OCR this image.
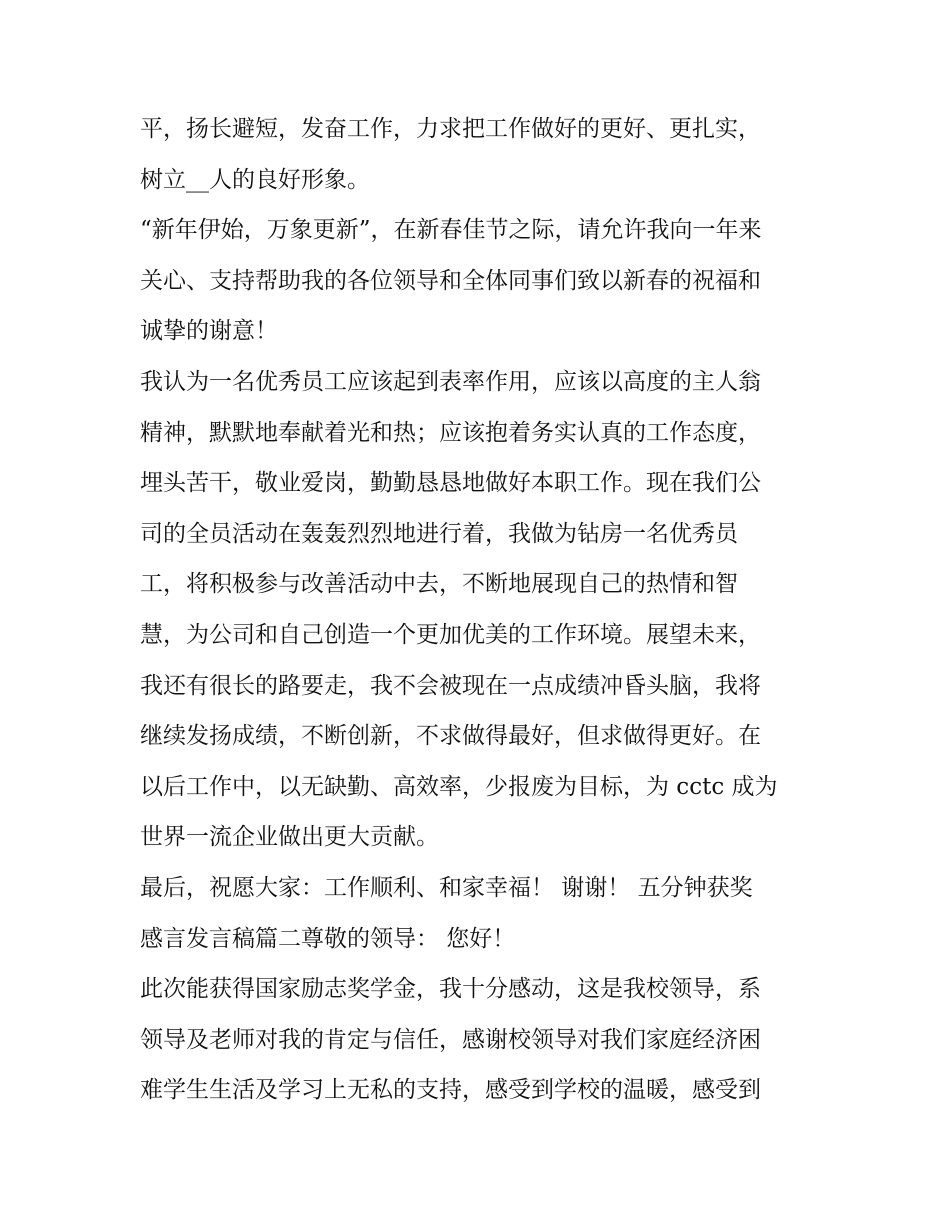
平，扬长避短，发奋工作，力求把工作做好的更好、更扎实，
树立__人的良好形象。
“新年伊始，万象更新”，在新春佳节之际，请允许我向一年来
关心、支持帮助我的各位领导和全体同事们致以新春的祝福和
诚挚的谢意！
我认为一名优秀员工应该起到表率作用，应该以高度的主人翁
精神，默默地奉献着光和热；应该抱着务实认真的工作态度，
埋头苦干，敬业爱岗，勤勤恳恳地做好本职工作。现在我们公
司的全员活动在轰轰烈烈地进行着，我做为钻房一名优秀员
工，将积极参与改善活动中去，不断地展现自己的热情和智
慧，为公司和自己创造一个更加优美的工作环境。展望未来，
我还有很长的路要走，我不会被现在一点成绩冲昏头脑，我将
继续发扬成绩，不断创新，不求做得最好，但求做得更好。在
以后工作中，以无缺勤、高效率，少报废为目标，为 cctc 成为
世界一流企业做出更大贡献。
最后，祝愿大家：工作顺利、和家幸福！ 谢谢！ 五分钟获奖
感言发言稿篇二尊敬的领导： 您好！
此次能获得国家励志奖学金，我十分感动，这是我校领导，系
领导及老师对我的肯定与信任，感谢校领导对我们家庭经济困
难学生生活及学习上无私的支持，感受到学校的温暖，感受到
